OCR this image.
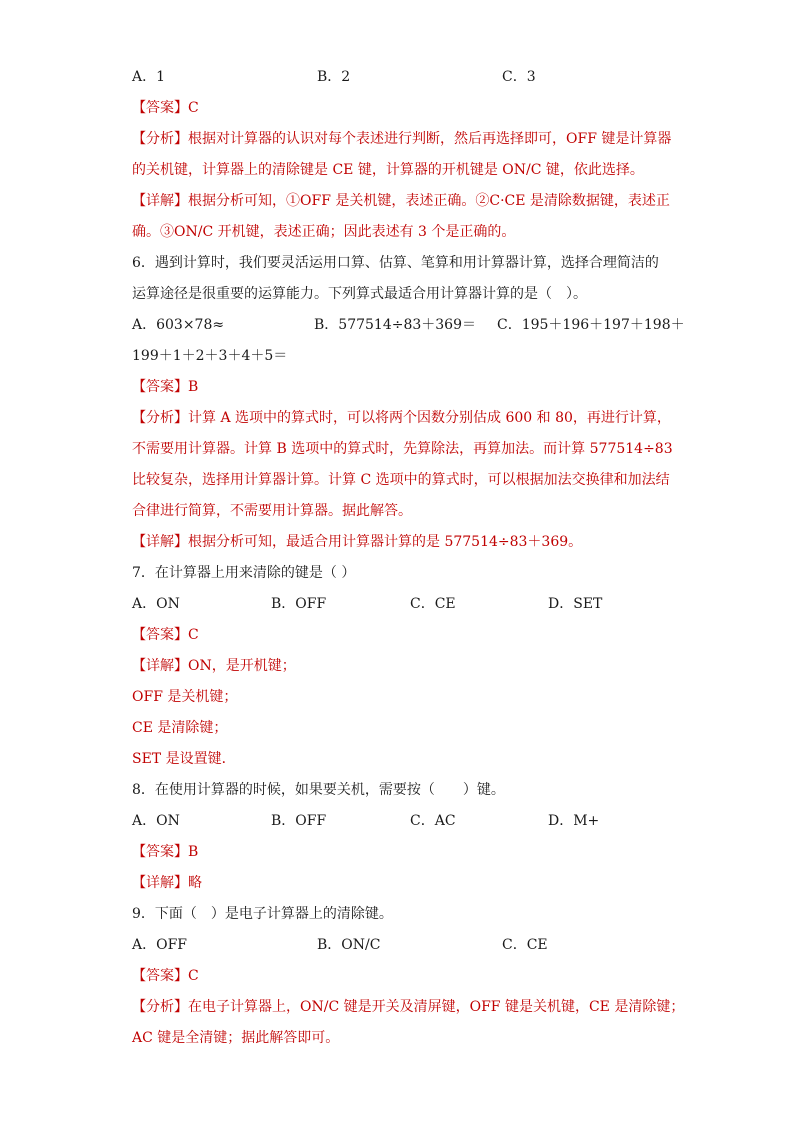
A．1	B．2	C．3
【答案】C
【分析】根据对计算器的认识对每个表述进行判断，然后再选择即可，OFF 键是计算器
的关机键，计算器上的清除键是 CE 键，计算器的开机键是 ON/C 键，依此选择。
【详解】根据分析可知，①OFF 是关机键，表述正确。②C·CE 是清除数据键，表述正
确。③ON/C 开机键，表述正确；因此表述有 3 个是正确的。
6．遇到计算时，我们要灵活运用口算、估算、笔算和用计算器计算，选择合理简洁的
运算途径是很重要的运算能力。下列算式最适合用计算器计算的是（　）。
A．603×78≈	B．577514÷83＋369＝ C．195＋196＋197＋198＋
199＋1＋2＋3＋4＋5＝
【答案】B
【分析】计算 A 选项中的算式时，可以将两个因数分别估成 600 和 80，再进行计算，
不需要用计算器。计算 B 选项中的算式时，先算除法，再算加法。而计算 577514÷83
比较复杂，选择用计算器计算。计算 C 选项中的算式时，可以根据加法交换律和加法结
合律进行简算，不需要用计算器。据此解答。
【详解】根据分析可知，最适合用计算器计算的是 577514÷83＋369。
7．在计算器上用来清除的键是（ ）
A．ON	B．OFF	C．CE	D．SET
【答案】C
【详解】ON，是开机键；
OFF 是关机键；
CE 是清除键；
SET 是设置键．
8．在使用计算器的时候，如果要关机，需要按（　　）键。
A．ON	B．OFF	C．AC	D．M+
【答案】B
【详解】略
9．下面（　）是电子计算器上的清除键。
A．OFF	B．ON/C	C．CE
【答案】C
【分析】在电子计算器上，ON/C 键是开关及清屏键，OFF 键是关机键，CE 是清除键；
AC 键是全清键；据此解答即可。
